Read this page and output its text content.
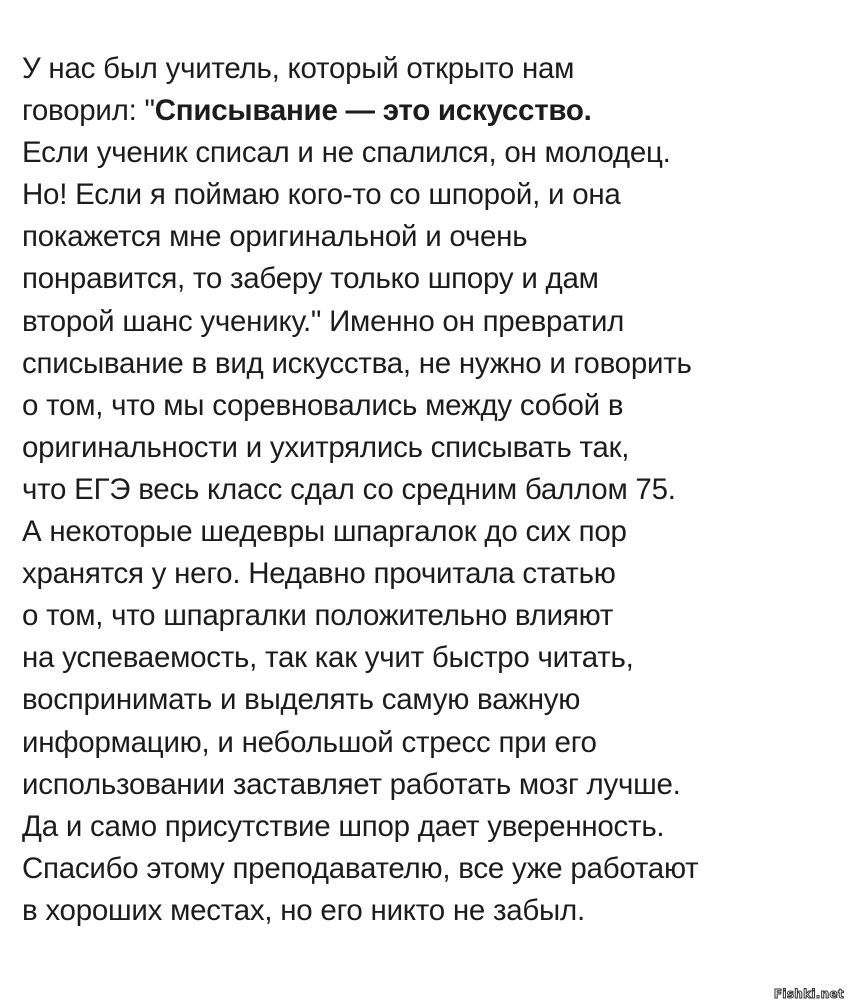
У нас был учитель, который открыто нам
говорил: "Списывание — это искусство.
Если ученик списал и не спалился, он молодец.
Но! Если я поймаю кого-то со шпорой, и она
покажется мне оригинальной и очень
понравится, то заберу только шпору и дам
второй шанс ученику." Именно он превратил
списывание в вид искусства, не нужно и говорить
о том, что мы соревновались между собой в
оригинальности и ухитрялись списывать так,
что ЕГЭ весь класс сдал со средним баллом 75.
А некоторые шедевры шпаргалок до сих пор
хранятся у него. Недавно прочитала статью
о том, что шпаргалки положительно влияют
на успеваемость, так как учит быстро читать,
воспринимать и выделять самую важную
информацию, и небольшой стресс при его
использовании заставляет работать мозг лучше.
Да и само присутствие шпор дает уверенность.
Спасибо этому преподавателю, все уже работают
в хороших местах, но его никто не забыл.
Fishki.net
